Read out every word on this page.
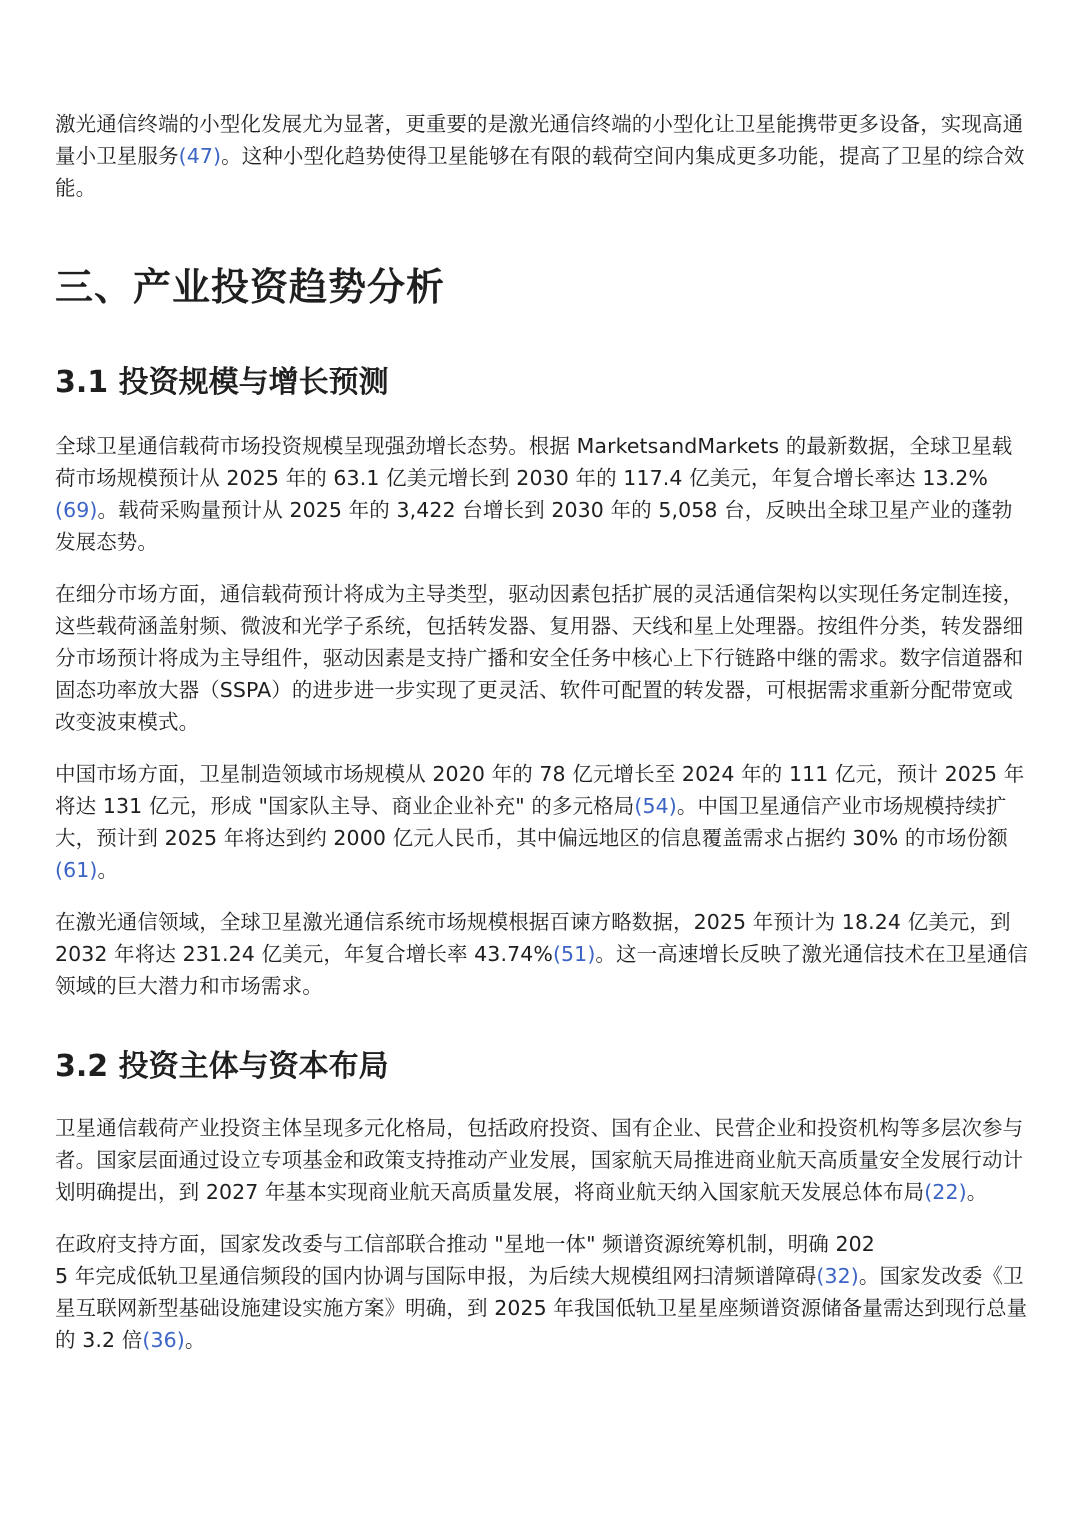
激光通信终端的小型化发展尤为显著，更重要的是激光通信终端的小型化让卫星能携带更多设备，实现高通量小卫星服务(47)。这种小型化趋势使得卫星能够在有限的载荷空间内集成更多功能，提高了卫星的综合效能。

三、产业投资趋势分析
3.1 投资规模与增长预测

全球卫星通信载荷市场投资规模呈现强劲增长态势。根据 MarketsandMarkets 的最新数据，全球卫星载荷市场规模预计从 2025 年的 63.1 亿美元增长到 2030 年的 117.4 亿美元，年复合增长率达 13.2%(69)。载荷采购量预计从 2025 年的 3,422 台增长到 2030 年的 5,058 台，反映出全球卫星产业的蓬勃发展态势。

在细分市场方面，通信载荷预计将成为主导类型，驱动因素包括扩展的灵活通信架构以实现任务定制连接，这些载荷涵盖射频、微波和光学子系统，包括转发器、复用器、天线和星上处理器。按组件分类，转发器细分市场预计将成为主导组件，驱动因素是支持广播和安全任务中核心上下行链路中继的需求。数字信道器和固态功率放大器（SSPA）的进步进一步实现了更灵活、软件可配置的转发器，可根据需求重新分配带宽或改变波束模式。

中国市场方面，卫星制造领域市场规模从 2020 年的 78 亿元增长至 2024 年的 111 亿元，预计 2025 年将达 131 亿元，形成 "国家队主导、商业企业补充" 的多元格局(54)。中国卫星通信产业市场规模持续扩大，预计到 2025 年将达到约 2000 亿元人民币，其中偏远地区的信息覆盖需求占据约 30% 的市场份额(61)。

在激光通信领域，全球卫星激光通信系统市场规模根据百谏方略数据，2025 年预计为 18.24 亿美元，到 2032 年将达 231.24 亿美元，年复合增长率 43.74%(51)。这一高速增长反映了激光通信技术在卫星通信领域的巨大潜力和市场需求。

3.2 投资主体与资本布局

卫星通信载荷产业投资主体呈现多元化格局，包括政府投资、国有企业、民营企业和投资机构等多层次参与者。国家层面通过设立专项基金和政策支持推动产业发展，国家航天局推进商业航天高质量安全发展行动计划明确提出，到 2027 年基本实现商业航天高质量发展，将商业航天纳入国家航天发展总体布局(22)。

在政府支持方面，国家发改委与工信部联合推动 "星地一体" 频谱资源统筹机制，明确 202
5 年完成低轨卫星通信频段的国内协调与国际申报，为后续大规模组网扫清频谱障碍(32)。国家发改委《卫星互联网新型基础设施建设实施方案》明确，到 2025 年我国低轨卫星星座频谱资源储备量需达到现行总量的 3.2 倍(36)。
